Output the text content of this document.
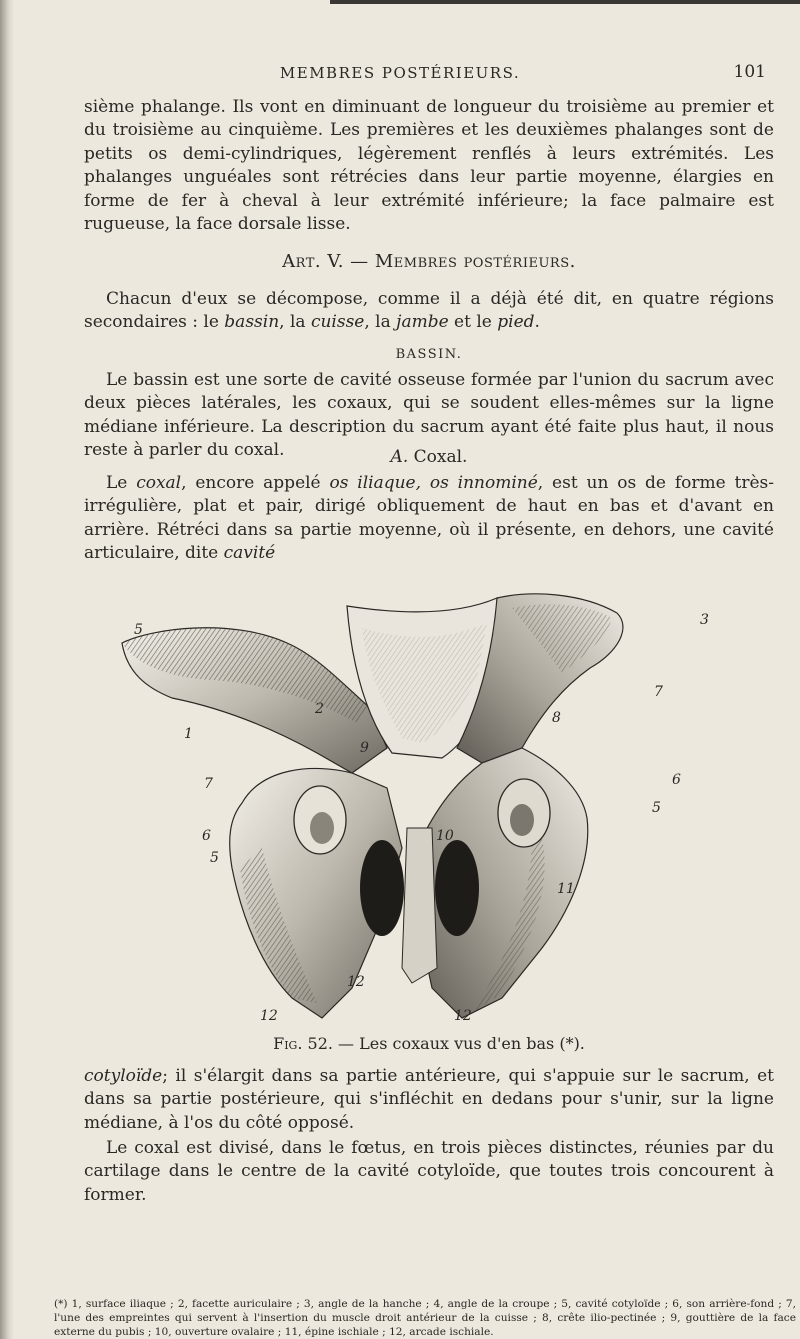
MEMBRES POSTÉRIEURS.	101

sième phalange. Ils vont en diminuant de longueur du troisième au premier et du troisième au cinquième. Les premières et les deuxièmes phalanges sont de petits os demi-cylindriques, légèrement renflés à leurs extrémités. Les phalanges unguéales sont rétrécies dans leur partie moyenne, élargies en forme de fer à cheval à leur extrémité inférieure; la face palmaire est rugueuse, la face dorsale lisse.

Art. V. — Membres postérieurs.

Chacun d'eux se décompose, comme il a déjà été dit, en quatre régions secondaires : le bassin, la cuisse, la jambe et le pied.

BASSIN.

Le bassin est une sorte de cavité osseuse formée par l'union du sacrum avec deux pièces latérales, les coxaux, qui se soudent elles-mêmes sur la ligne médiane inférieure. La description du sacrum ayant été faite plus haut, il nous reste à parler du coxal.	A. Coxal.

Le coxal, encore appelé os iliaque, os innominé, est un os de forme très-irrégulière, plat et pair, dirigé obliquement de haut en bas et d'avant en arrière. Rétréci dans sa partie moyenne, où il présente, en dehors, une cavité articulaire, dite cavité

3
5
1
2
8
7
9
7	6
5
10
6
5
11
12
12	12
Fig. 52. — Les coxaux vus d'en bas (*).

cotyloïde; il s'élargit dans sa partie antérieure, qui s'appuie sur le sacrum, et dans sa partie postérieure, qui s'infléchit en dedans pour s'unir, sur la ligne médiane, à l'os du côté opposé.

Le coxal est divisé, dans le fœtus, en trois pièces distinctes, réunies par du cartilage dans le centre de la cavité cotyloïde, que toutes trois concourent à former.

(*) 1, surface iliaque ; 2, facette auriculaire ; 3, angle de la hanche ; 4, angle de la croupe ; 5, cavité cotyloïde ; 6, son arrière-fond ; 7, l'une des empreintes qui servent à l'insertion du muscle droit antérieur de la cuisse ; 8, crête ilio-pectinée ; 9, gouttière de la face externe du pubis ; 10, ouverture ovalaire ; 11, épine ischiale ; 12, arcade ischiale.
